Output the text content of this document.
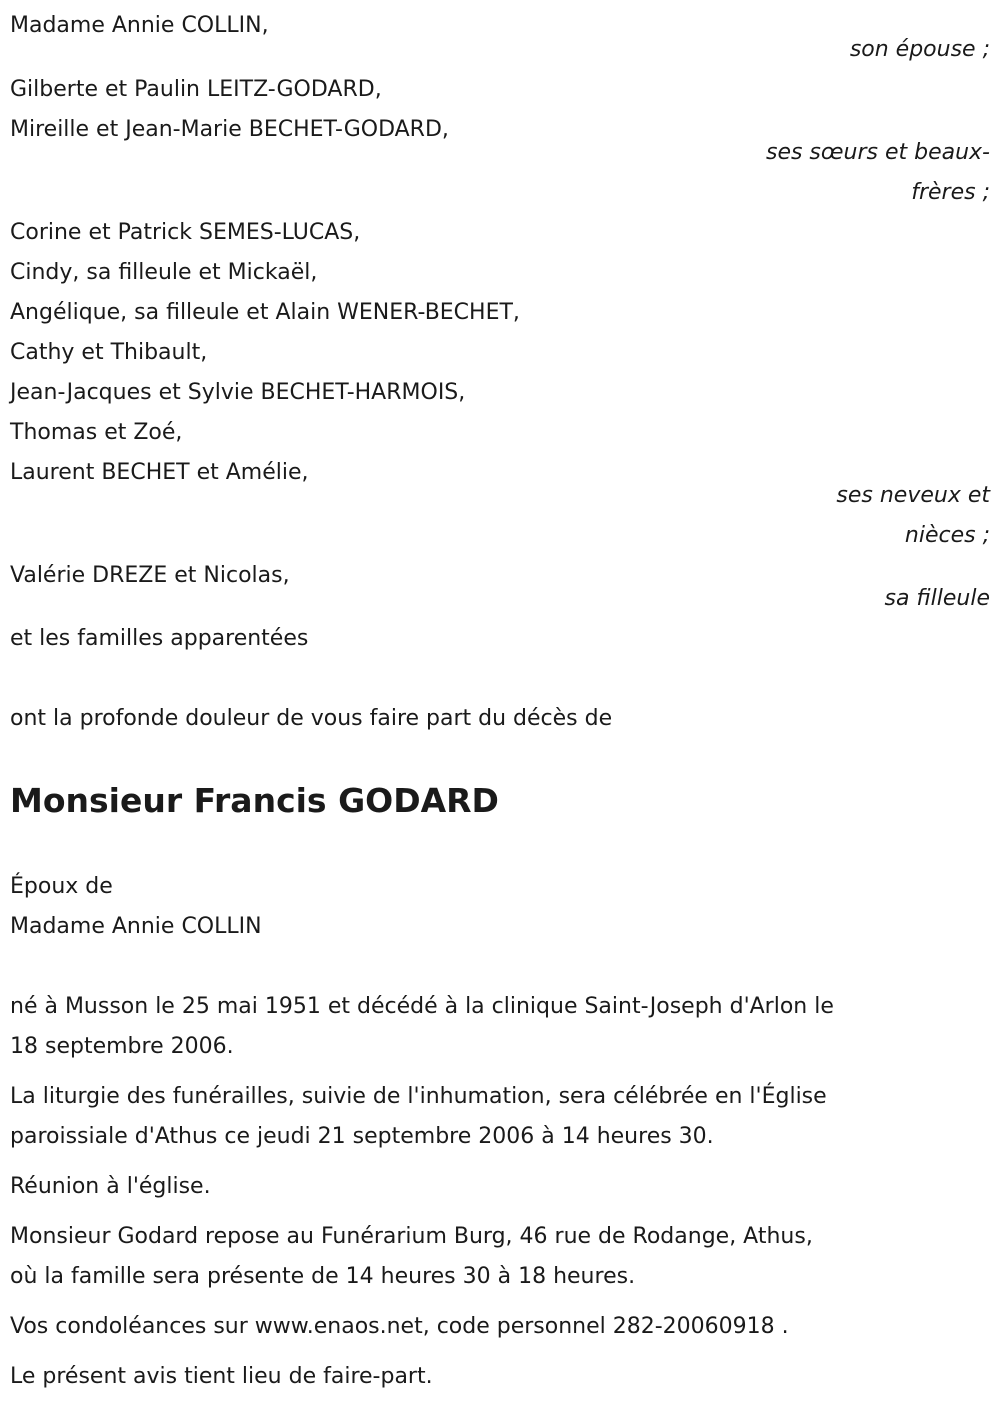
Madame Annie COLLIN,
son épouse ;
Gilberte et Paulin LEITZ-GODARD,
Mireille et Jean-Marie BECHET-GODARD,
ses sœurs et beaux-
frères ;
Corine et Patrick SEMES-LUCAS,
Cindy, sa filleule et Mickaël,
Angélique, sa filleule et Alain WENER-BECHET,
Cathy et Thibault,
Jean-Jacques et Sylvie BECHET-HARMOIS,
Thomas et Zoé,
Laurent BECHET et Amélie,
ses neveux et
nièces ;
Valérie DREZE et Nicolas,
sa filleule
et les familles apparentées
ont la profonde douleur de vous faire part du décès de
Monsieur Francis GODARD
Époux de
Madame Annie COLLIN
né à Musson le 25 mai 1951 et décédé à la clinique Saint-Joseph d'Arlon le
18 septembre 2006.
La liturgie des funérailles, suivie de l'inhumation, sera célébrée en l'Église
paroissiale d'Athus ce jeudi 21 septembre 2006 à 14 heures 30.
Réunion à l'église.
Monsieur Godard repose au Funérarium Burg, 46 rue de Rodange, Athus,
où la famille sera présente de 14 heures 30 à 18 heures.
Vos condoléances sur www.enaos.net, code personnel 282-20060918 .
Le présent avis tient lieu de faire-part.
